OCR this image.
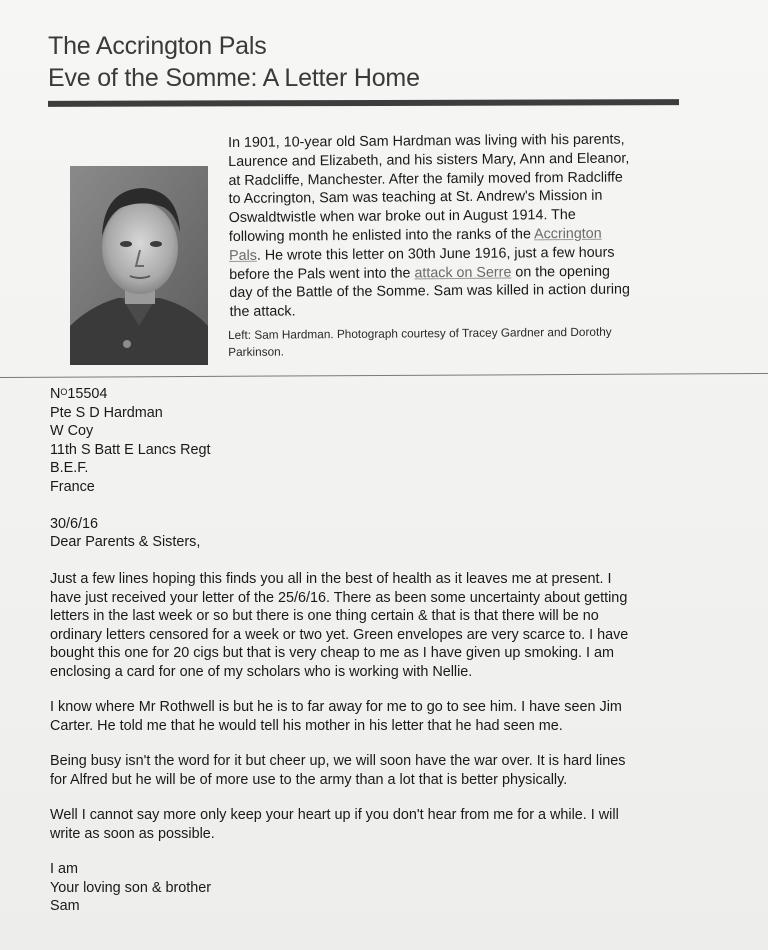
The Accrington Pals
Eve of the Somme: A Letter Home
In 1901, 10-year old Sam Hardman was living with his parents,
Laurence and Elizabeth, and his sisters Mary, Ann and Eleanor,
at Radcliffe, Manchester. After the family moved from Radcliffe
to Accrington, Sam was teaching at St. Andrew's Mission in
Oswaldtwistle when war broke out in August 1914. The
following month he enlisted into the ranks of the Accrington
Pals. He wrote this letter on 30th June 1916, just a few hours
before the Pals went into the attack on Serre on the opening
day of the Battle of the Somme. Sam was killed in action during
the attack.
Left: Sam Hardman. Photograph courtesy of Tracey Gardner and Dorothy
Parkinson.
$N^O15504$
Pte S D Hardman
W Coy
11th S Batt E Lancs Regt
B.E.F.
France
30/6/16
Dear Parents & Sisters,
Just a few lines hoping this finds you all in the best of health as it leaves me at present. I
have just received your letter of the 25/6/16. There as been some uncertainty about getting
letters in the last week or so but there is one thing certain & that is that there will be no
ordinary letters censored for a week or two yet. Green envelopes are very scarce to. I have
bought this one for 20 cigs but that is very cheap to me as I have given up smoking. I am
enclosing a card for one of my scholars who is working with Nellie.
I know where Mr Rothwell is but he is to far away for me to go to see him. I have seen Jim
Carter. He told me that he would tell his mother in his letter that he had seen me.
Being busy isn't the word for it but cheer up, we will soon have the war over. It is hard lines
for Alfred but he will be of more use to the army than a lot that is better physically.
Well I cannot say more only keep your heart up if you don't hear from me for a while. I will
write as soon as possible.
I am
Your loving son & brother
Sam
